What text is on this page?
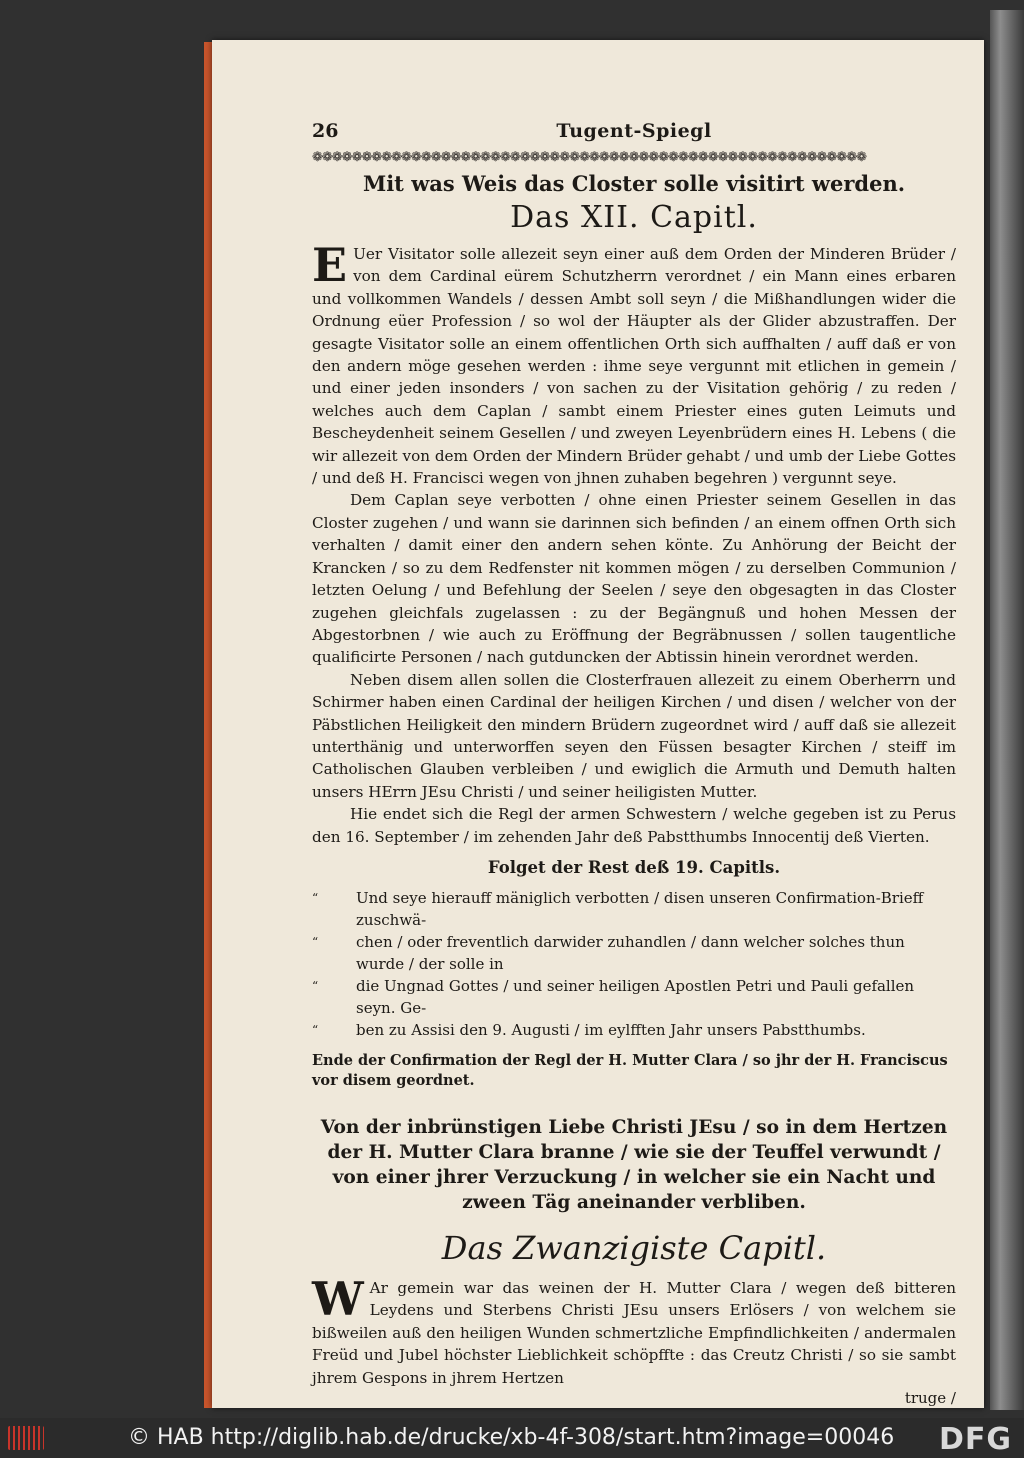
26	Tugent-Spiegl
❁❁❁❁❁❁❁❁❁❁❁❁❁❁❁❁❁❁❁❁❁❁❁❁❁❁❁❁❁❁❁❁❁❁❁❁❁❁❁❁❁❁❁❁❁❁❁❁❁❁❁❁❁❁❁❁
Mit was Weis das Closter solle visitirt werden.
Das XII. Capitl.

E Uer Visitator solle allezeit seyn einer auß dem Orden der Minderen Brüder / von dem Cardinal eürem Schutzherrn verordnet / ein Mann eines erbaren und vollkommen Wandels / dessen Ambt soll seyn / die Mißhandlungen wider die Ordnung eüer Profession / so wol der Häupter als der Glider abzustraffen. Der gesagte Visitator solle an einem offentlichen Orth sich auffhalten / auff daß er von den andern möge gesehen werden : ihme seye vergunnt mit etlichen in gemein / und einer jeden insonders / von sachen zu der Visitation gehörig / zu reden / welches auch dem Caplan / sambt einem Priester eines guten Leimuts und Bescheydenheit seinem Gesellen / und zweyen Leyenbrüdern eines H. Lebens ( die wir allezeit von dem Orden der Mindern Brüder gehabt / und umb der Liebe Gottes / und deß H. Francisci wegen von jhnen zuhaben begehren ) vergunnt seye.

Dem Caplan seye verbotten / ohne einen Priester seinem Gesellen in das Closter zugehen / und wann sie darinnen sich befinden / an einem offnen Orth sich verhalten / damit einer den andern sehen könte. Zu Anhörung der Beicht der Krancken / so zu dem Redfenster nit kommen mögen / zu derselben Communion / letzten Oelung / und Befehlung der Seelen / seye den obgesagten in das Closter zugehen gleichfals zugelassen : zu der Begängnuß und hohen Messen der Abgestorbnen / wie auch zu Eröffnung der Begräbnussen / sollen taugentliche qualificirte Personen / nach gutduncken der Abtissin hinein verordnet werden.

Neben disem allen sollen die Closterfrauen allezeit zu einem Oberherrn und Schirmer haben einen Cardinal der heiligen Kirchen / und disen / welcher von der Päbstlichen Heiligkeit den mindern Brüdern zugeordnet wird / auff daß sie allezeit unterthänig und unterworffen seyen den Füssen besagter Kirchen / steiff im Catholischen Glauben verbleiben / und ewiglich die Armuth und Demuth halten unsers HErrn JEsu Christi / und seiner heiligisten Mutter.

Hie endet sich die Regl der armen Schwestern / welche gegeben ist zu Perus den 16. September / im zehenden Jahr deß Pabstthumbs Innocentij deß Vierten.

Folget der Rest deß 19. Capitls.
“	Und seye hierauff mäniglich verbotten / disen unseren Confirmation-Brieff zuschwä-
“	chen / oder freventlich darwider zuhandlen / dann welcher solches thun wurde / der solle in
“	die Ungnad Gottes / und seiner heiligen Apostlen Petri und Pauli gefallen seyn. Ge-
“	ben zu Assisi den 9. Augusti / im eylfften Jahr unsers Pabstthumbs.
Ende der Confirmation der Regl der H. Mutter Clara / so jhr der H. Franciscus vor disem geordnet.
Von der inbrünstigen Liebe Christi JEsu / so in dem Hertzen der H. Mutter Clara branne / wie sie der Teuffel verwundt / von einer jhrer Verzuckung / in welcher sie ein Nacht und zween Täg aneinander verbliben.
Das Zwanzigiste Capitl.

W Ar gemein war das weinen der H. Mutter Clara / wegen deß bitteren Leydens und Sterbens Christi JEsu unsers Erlösers / von welchem sie bißweilen auß den heiligen Wunden schmertzliche Empfindlichkeiten / andermalen Freüd und Jubel höchster Lieblichkeit schöpffte : das Creutz Christi / so sie sambt jhrem Gespons in jhrem Hertzen

truge /
© HAB http://diglib.hab.de/drucke/xb-4f-308/start.htm?image=00046 DFG
